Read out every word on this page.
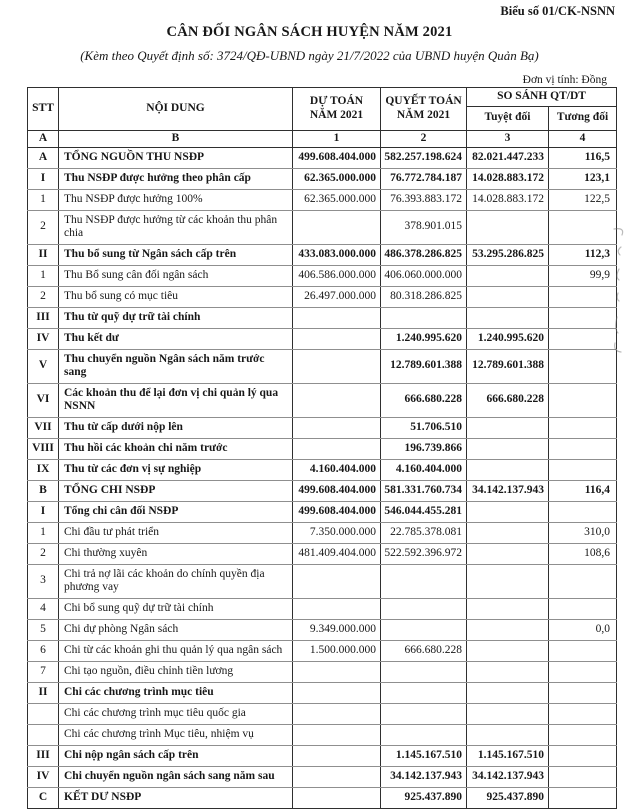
Biểu số 01/CK-NSNN
CÂN ĐỐI NGÂN SÁCH HUYỆN NĂM 2021
(Kèm theo Quyết định số: 3724/QĐ-UBND ngày 21/7/2022 của UBND huyện Quản Bạ)
Đơn vị tính: Đồng
STT	NỘI DUNG	DỰ TOÁN NĂM 2021	QUYẾT TOÁN NĂM 2021	SO SÁNH QT/DT	
				Tuyệt đối	Tương đối
A	B	1	2	3	4
A	TỔNG NGUỒN THU NSĐP	499.608.404.000	582.257.198.624	82.021.447.233	116,5
I	Thu NSĐP được hưởng theo phân cấp	62.365.000.000	76.772.784.187	14.028.883.172	123,1
1	Thu NSĐP được hưởng 100%	62.365.000.000	76.393.883.172	14.028.883.172	122,5
2	Thu NSĐP được hưởng từ các khoản thu phân chia		378.901.015		
II	Thu bổ sung từ Ngân sách cấp trên	433.083.000.000	486.378.286.825	53.295.286.825	112,3
1	Thu Bổ sung cân đối ngân sách	406.586.000.000	406.060.000.000		99,9
2	Thu bổ sung có mục tiêu	26.497.000.000	80.318.286.825		
III	Thu từ quỹ dự trữ tài chính				
IV	Thu kết dư		1.240.995.620	1.240.995.620	
V	Thu chuyển nguồn Ngân sách năm trước sang		12.789.601.388	12.789.601.388	
VI	Các khoản thu để lại đơn vị chi quản lý qua NSNN		666.680.228	666.680.228	
VII	Thu từ cấp dưới nộp lên		51.706.510		
VIII	Thu hồi các khoản chi năm trước		196.739.866		
IX	Thu từ các đơn vị sự nghiệp	4.160.404.000	4.160.404.000		
B	TỔNG CHI NSĐP	499.608.404.000	581.331.760.734	34.142.137.943	116,4
I	Tổng chi cân đối NSĐP	499.608.404.000	546.044.455.281		
1	Chi đầu tư phát triển	7.350.000.000	22.785.378.081		310,0
2	Chi thường xuyên	481.409.404.000	522.592.396.972		108,6
3	Chi trả nợ lãi các khoản do chính quyền địa phương vay				
4	Chi bổ sung quỹ dự trữ tài chính				
5	Chi dự phòng Ngân sách	9.349.000.000			0,0
6	Chi từ các khoản ghi thu quản lý qua ngân sách	1.500.000.000	666.680.228		
7	Chi tạo nguồn, điều chỉnh tiền lương				
II	Chi các chương trình mục tiêu				
	Chi các chương trình mục tiêu quốc gia				
	Chi các chương trình Mục tiêu, nhiệm vụ				
III	Chi nộp ngân sách cấp trên		1.145.167.510	1.145.167.510	
IV	Chi chuyển nguồn ngân sách sang năm sau		34.142.137.943	34.142.137.943	
C	KẾT DƯ NSĐP		925.437.890	925.437.890	
